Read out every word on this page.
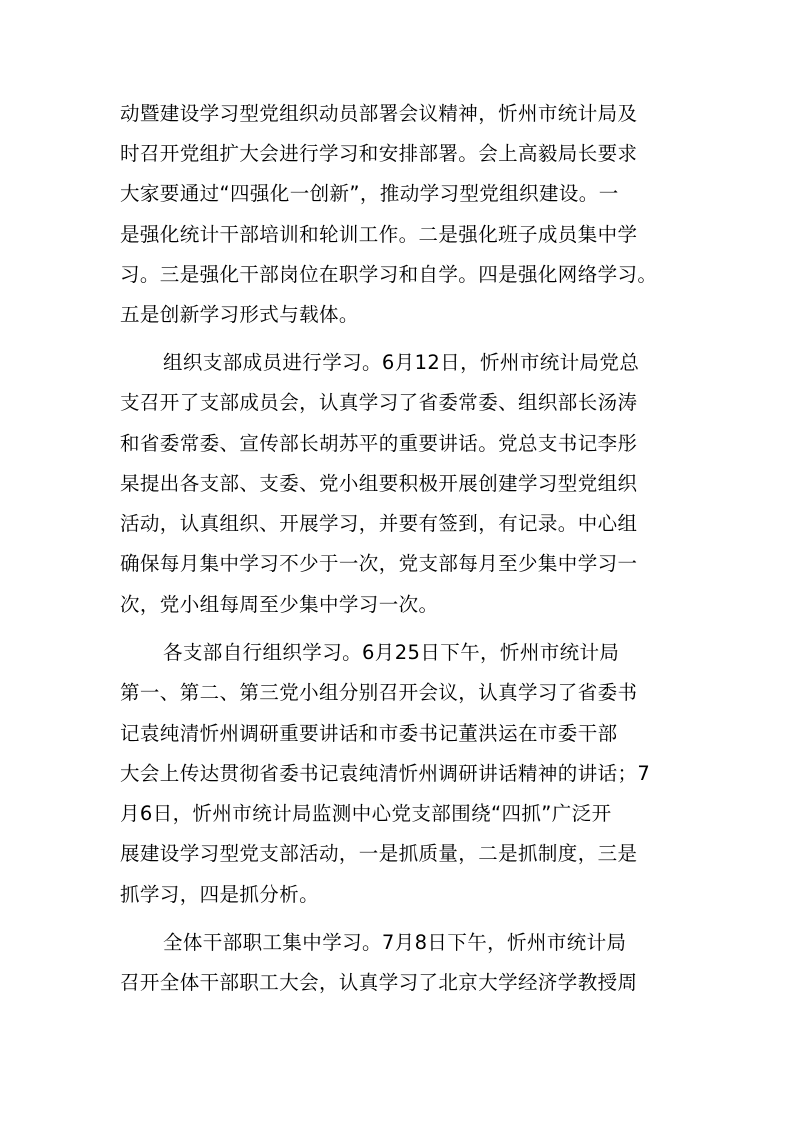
动暨建设学习型党组织动员部署会议精神，忻州市统计局及
时召开党组扩大会进行学习和安排部署。会上高毅局长要求
大家要通过“四强化一创新”，推动学习型党组织建设。一
是强化统计干部培训和轮训工作。二是强化班子成员集中学
习。三是强化干部岗位在职学习和自学。四是强化网络学习。
五是创新学习形式与载体。
组织支部成员进行学习。6月12日，忻州市统计局党总
支召开了支部成员会，认真学习了省委常委、组织部长汤涛
和省委常委、宣传部长胡苏平的重要讲话。党总支书记李彤
杲提出各支部、支委、党小组要积极开展创建学习型党组织
活动，认真组织、开展学习，并要有签到，有记录。中心组
确保每月集中学习不少于一次，党支部每月至少集中学习一
次，党小组每周至少集中学习一次。
各支部自行组织学习。6月25日下午，忻州市统计局
第一、第二、第三党小组分别召开会议，认真学习了省委书
记袁纯清忻州调研重要讲话和市委书记董洪运在市委干部
大会上传达贯彻省委书记袁纯清忻州调研讲话精神的讲话；7
月6日，忻州市统计局监测中心党支部围绕“四抓”广泛开
展建设学习型党支部活动，一是抓质量，二是抓制度，三是
抓学习，四是抓分析。
全体干部职工集中学习。7月8日下午，忻州市统计局
召开全体干部职工大会，认真学习了北京大学经济学教授周
